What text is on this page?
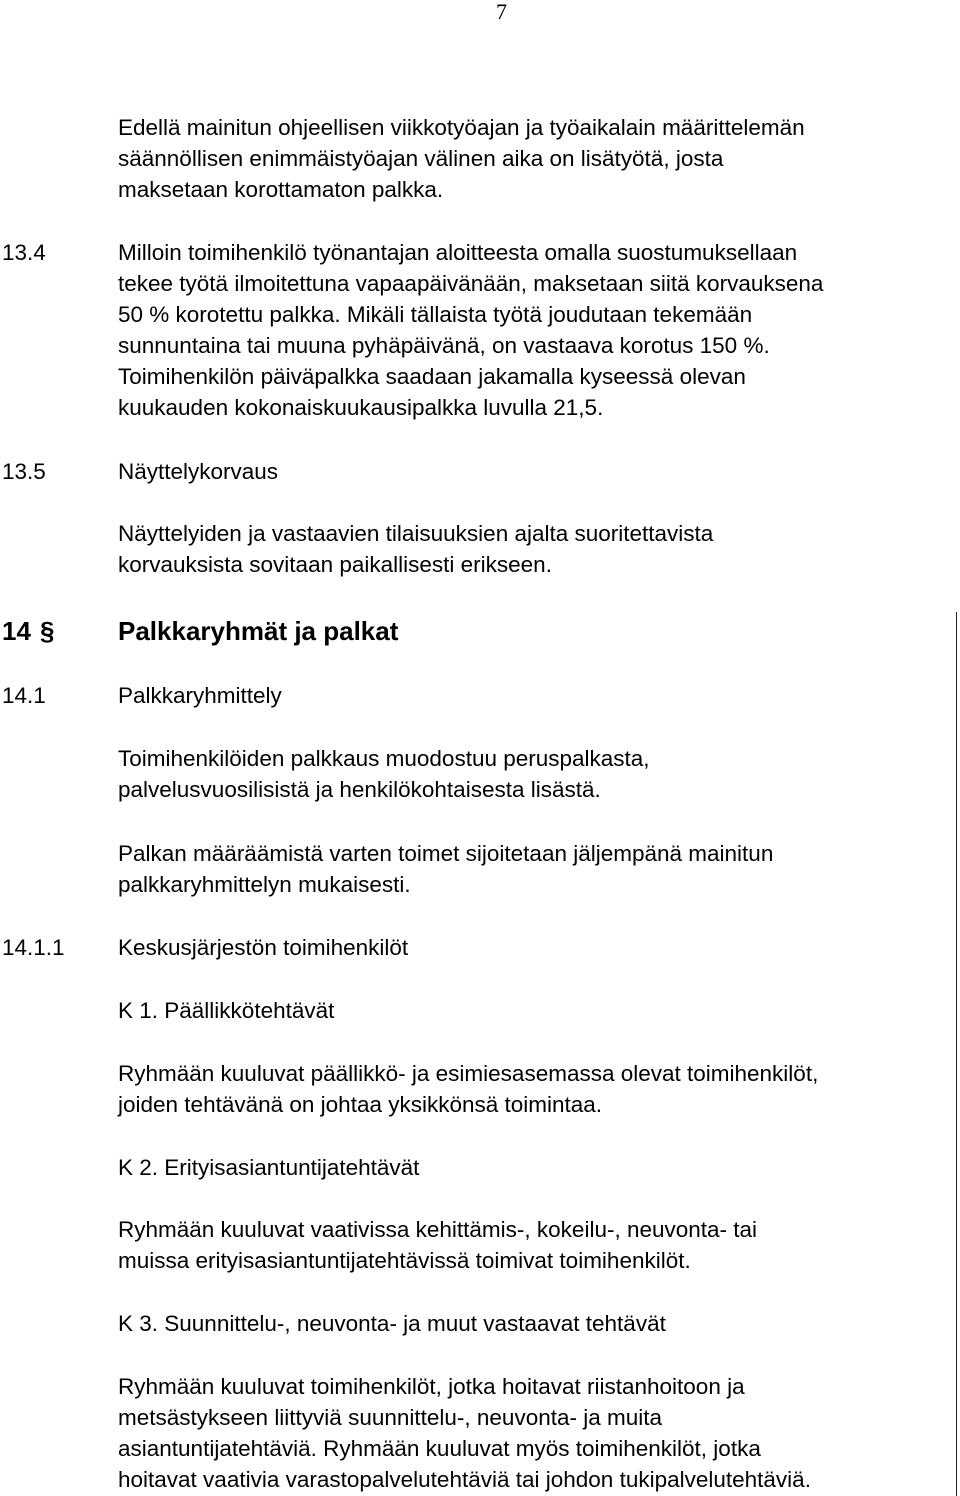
7

Edellä mainitun ohjeellisen viikkotyöajan ja työaikalain määrittelemän

säännöllisen enimmäistyöajan välinen aika on lisätyötä, josta

maksetaan korottamaton palkka.

13.4	Milloin toimihenkilö työnantajan aloitteesta omalla suostumuksellaan

tekee työtä ilmoitettuna vapaapäivänään, maksetaan siitä korvauksena

50 % korotettu palkka. Mikäli tällaista työtä joudutaan tekemään

sunnuntaina tai muuna pyhäpäivänä, on vastaava korotus 150 %.

Toimihenkilön päiväpalkka saadaan jakamalla kyseessä olevan

kuukauden kokonaiskuukausipalkka luvulla 21,5.

13.5	Näyttelykorvaus

Näyttelyiden ja vastaavien tilaisuuksien ajalta suoritettavista

korvauksista sovitaan paikallisesti erikseen.

14 § Palkkaryhmät ja palkat
14.1	Palkkaryhmittely

Toimihenkilöiden palkkaus muodostuu peruspalkasta,

palvelusvuosilisistä ja henkilökohtaisesta lisästä.

Palkan määräämistä varten toimet sijoitetaan jäljempänä mainitun

palkkaryhmittelyn mukaisesti.

14.1.1 Keskusjärjestön toimihenkilöt
K 1. Päällikkötehtävät

Ryhmään kuuluvat päällikkö- ja esimiesasemassa olevat toimihenkilöt,

joiden tehtävänä on johtaa yksikkönsä toimintaa.

K 2. Erityisasiantuntijatehtävät

Ryhmään kuuluvat vaativissa kehittämis-, kokeilu-, neuvonta- tai

muissa erityisasiantuntijatehtävissä toimivat toimihenkilöt.

K 3. Suunnittelu-, neuvonta- ja muut vastaavat tehtävät

Ryhmään kuuluvat toimihenkilöt, jotka hoitavat riistanhoitoon ja

metsästykseen liittyviä suunnittelu-, neuvonta- ja muita

asiantuntijatehtäviä. Ryhmään kuuluvat myös toimihenkilöt, jotka

hoitavat vaativia varastopalvelutehtäviä tai johdon tukipalvelutehtäviä.
